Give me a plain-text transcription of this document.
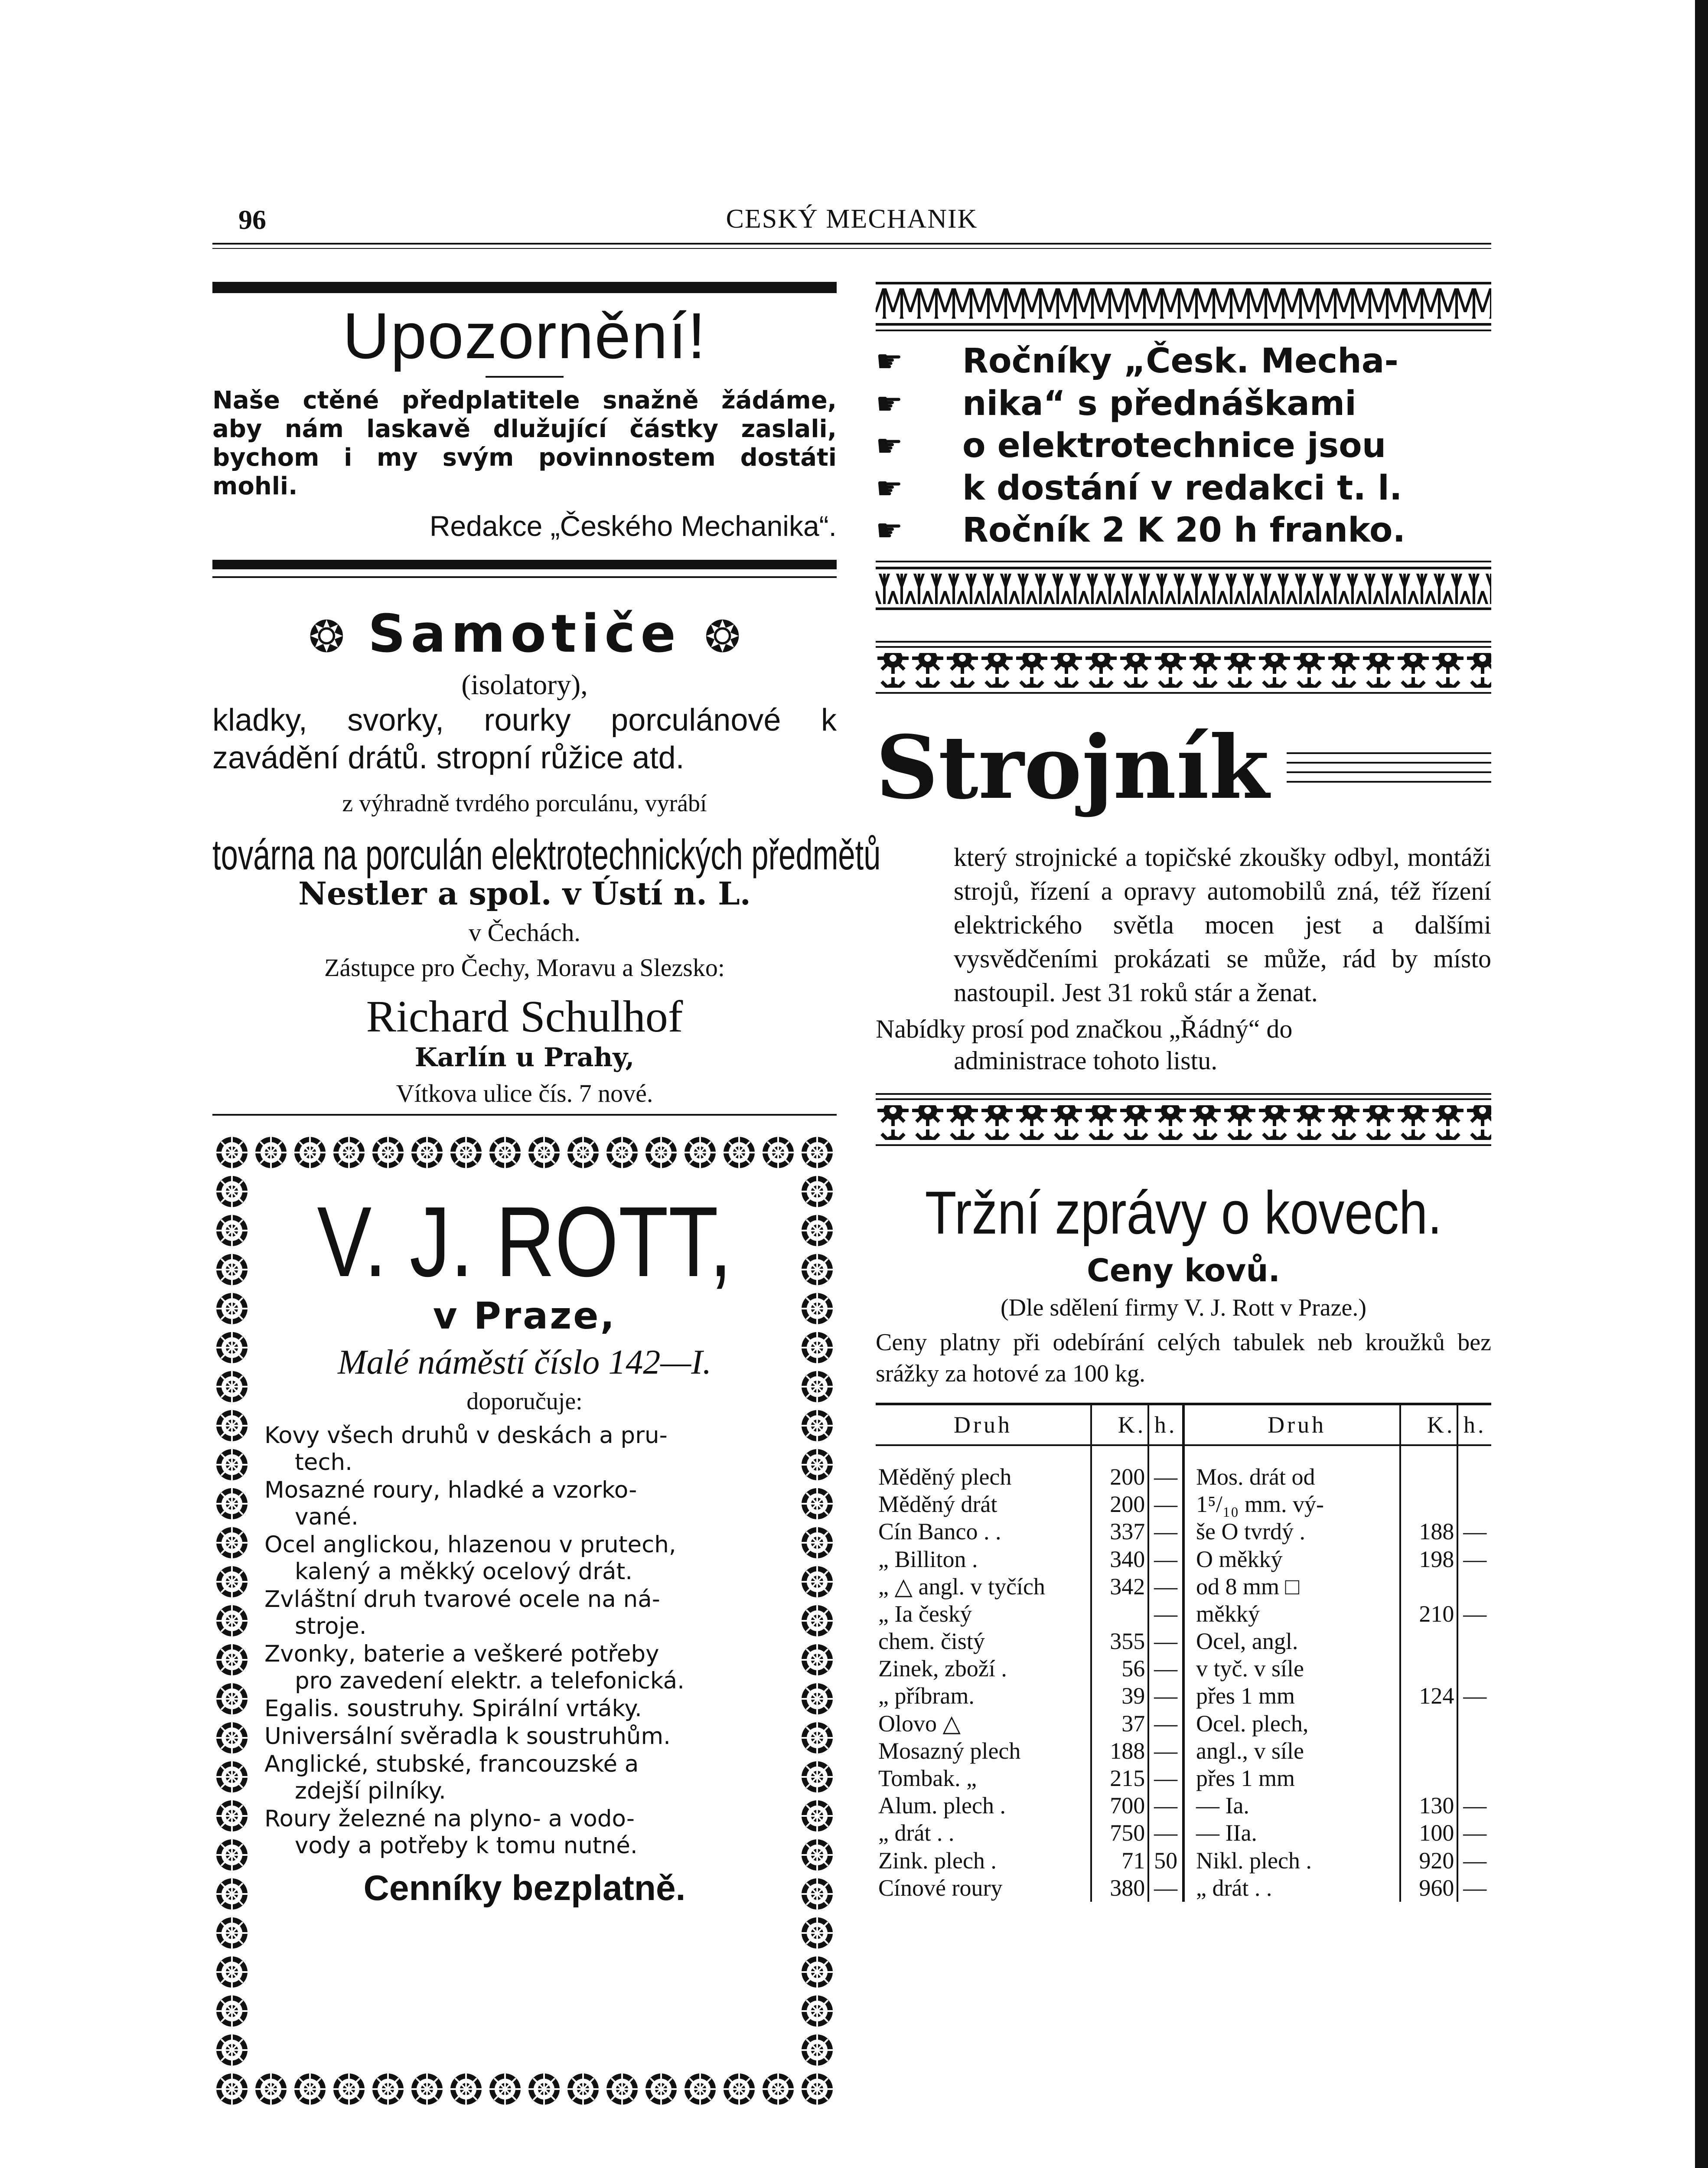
96	CESKÝ MECHANIK
Upozornění!
Naše ctěné předplatitele snažně žádáme, aby nám laskavě dlužující částky zaslali, bychom i my svým povinnostem dostáti mohli.
Redakce „Českého Mechanika“.
❂ Samotiče ❂
(isolatory),
kladky, svorky, rourky porculánové k zavádění drátů. stropní růžice atd.
z výhradně tvrdého porculánu, vyrábí
továrna na porculán elektrotechnických předmětů
Nestler a spol. v Ústí n. L.
v Čechách.
Zástupce pro Čechy, Moravu a Slezsko:
Richard Schulhof
Karlín u Prahy,
Vítkova ulice čís. 7 nové.
V. J. ROTT,
v Praze,
Malé náměstí číslo 142—I.
doporučuje:
Kovy všech druhů v deskách a pru-
tech.
Mosazné roury, hladké a vzorko-
vané.
Ocel anglickou, hlazenou v prutech,
kalený a měkký ocelový drát.
Zvláštní druh tvarové ocele na ná-
stroje.
Zvonky, baterie a veškeré potřeby
pro zavedení elektr. a telefonická.
Egalis. soustruhy. Spirální vrtáky.
Universální svěradla k soustruhům.
Anglické, stubské, francouzské a
zdejší pilníky.
Roury železné na plyno- a vodo-
vody a potřeby k tomu nutné.
Cenníky bezplatně.
☛	Ročníky „Česk. Mecha-
☛	nika“ s přednáškami
☛	o elektrotechnice jsou
☛	k dostání v redakci t. l.
☛	Ročník 2 K 20 h franko.

Strojník
který strojnické a topičské zkoušky odbyl, montáži strojů, řízení a opravy automobilů zná, též řízení elektrického světla mocen jest a dalšími vysvědčeními prokázati se může, rád by místo nastoupil. Jest 31 roků stár a ženat.
Nabídky prosí pod značkou „Řádný“ do
administrace tohoto listu.
Tržní zprávy o kovech.
Ceny kovů.
(Dle sdělení firmy V. J. Rott v Praze.)
Ceny platny při odebírání celých tabulek neb kroužků bez srážky za hotové za 100 kg.
Druh	K.	h.	Druh	K.	h.

Měděný plech	200	—	Mos. drát od		
Měděný drát	200	—	1⁵/₁₀ mm. vý-		
Cín Banco . .	337	—	še O tvrdý .	188	—
„ Billiton .	340	—	O měkký	198	—
„ △ angl. v tyčích	342	—	od 8 mm □		
„ Ia český		—	měkký	210	—
chem. čistý	355	—	Ocel, angl.		
Zinek, zboží .	56	—	v tyč. v síle		
„ příbram.	39	—	přes 1 mm	124	—
Olovo △	37	—	Ocel. plech,		
Mosazný plech	188	—	angl., v síle		
Tombak. „	215	—	přes 1 mm		
Alum. plech .	700	—	— Ia.	130	—
„ drát . .	750	—	— IIa.	100	—
Zink. plech .	71	50	Nikl. plech .	920	—
Cínové roury	380	—	„ drát . .	960	—
